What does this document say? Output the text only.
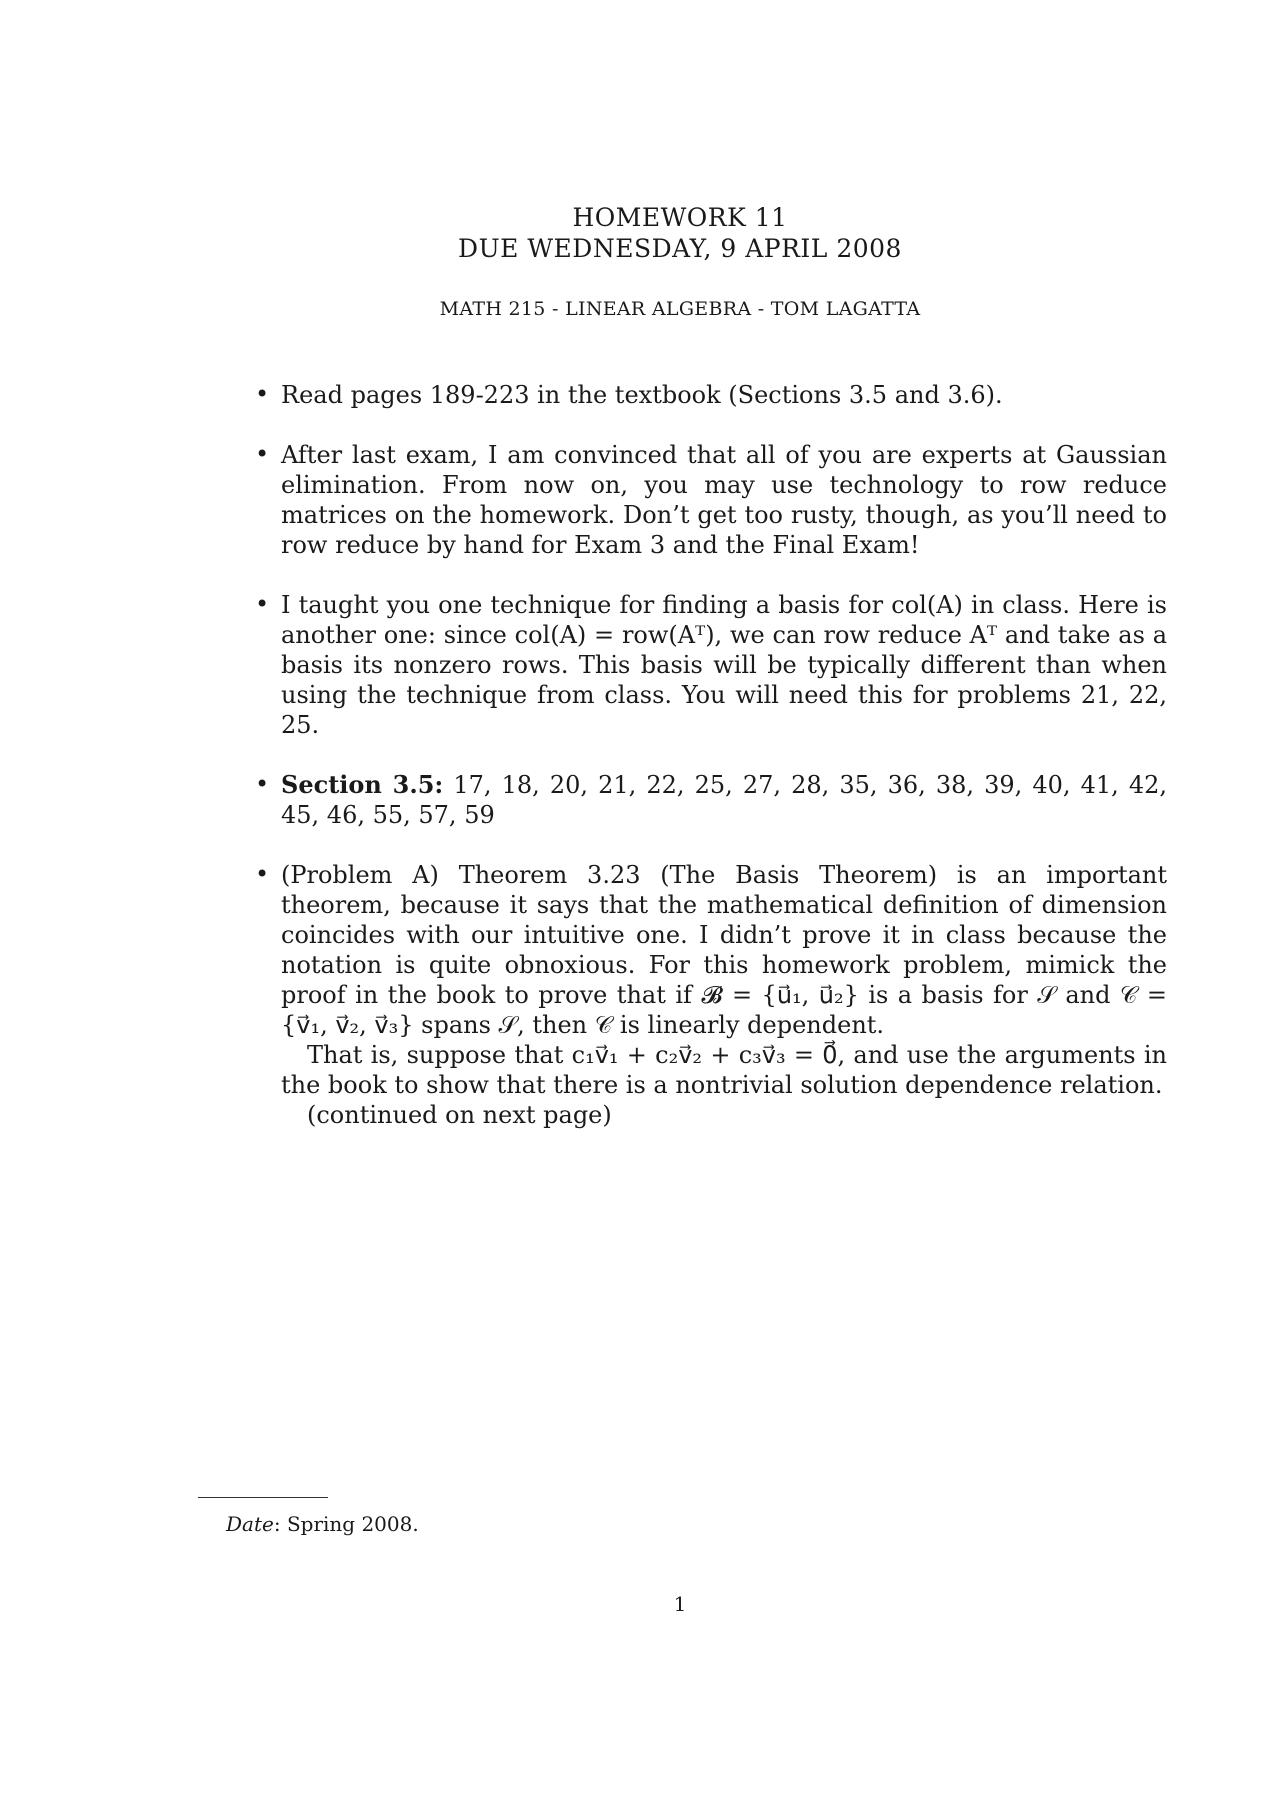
HOMEWORK 11
DUE WEDNESDAY, 9 APRIL 2008
MATH 215 - LINEAR ALGEBRA - TOM LAGATTA
• Read pages 189-223 in the textbook (Sections 3.5 and 3.6).

• After last exam, I am convinced that all of you are experts at Gaussian elimination. From now on, you may use technology to row reduce matrices on the homework. Don’t get too rusty, though, as you’ll need to row reduce by hand for Exam 3 and the Final Exam!

• I taught you one technique for finding a basis for col(A) in class. Here is another one: since col(A) = row(Aᵀ), we can row reduce Aᵀ and take as a basis its nonzero rows. This basis will be typically different than when using the technique from class. You will need this for problems 21, 22, 25.

• Section 3.5: 17, 18, 20, 21, 22, 25, 27, 28, 35, 36, 38, 39, 40, 41, 42, 45, 46, 55, 57, 59

• (Problem A) Theorem 3.23 (The Basis Theorem) is an important theorem, because it says that the mathematical definition of dimension coincides with our intuitive one. I didn’t prove it in class because the notation is quite obnoxious. For this homework problem, mimick the proof in the book to prove that if 𝓑 = {u⃗₁, u⃗₂} is a basis for 𝒮 and 𝒞 = {v⃗₁, v⃗₂, v⃗₃} spans 𝒮, then 𝒞 is linearly dependent.

That is, suppose that c₁v⃗₁ + c₂v⃗₂ + c₃v⃗₃ = 0⃗, and use the arguments in the book to show that there is a nontrivial solution dependence relation.

(continued on next page)
Date: Spring 2008.
1
